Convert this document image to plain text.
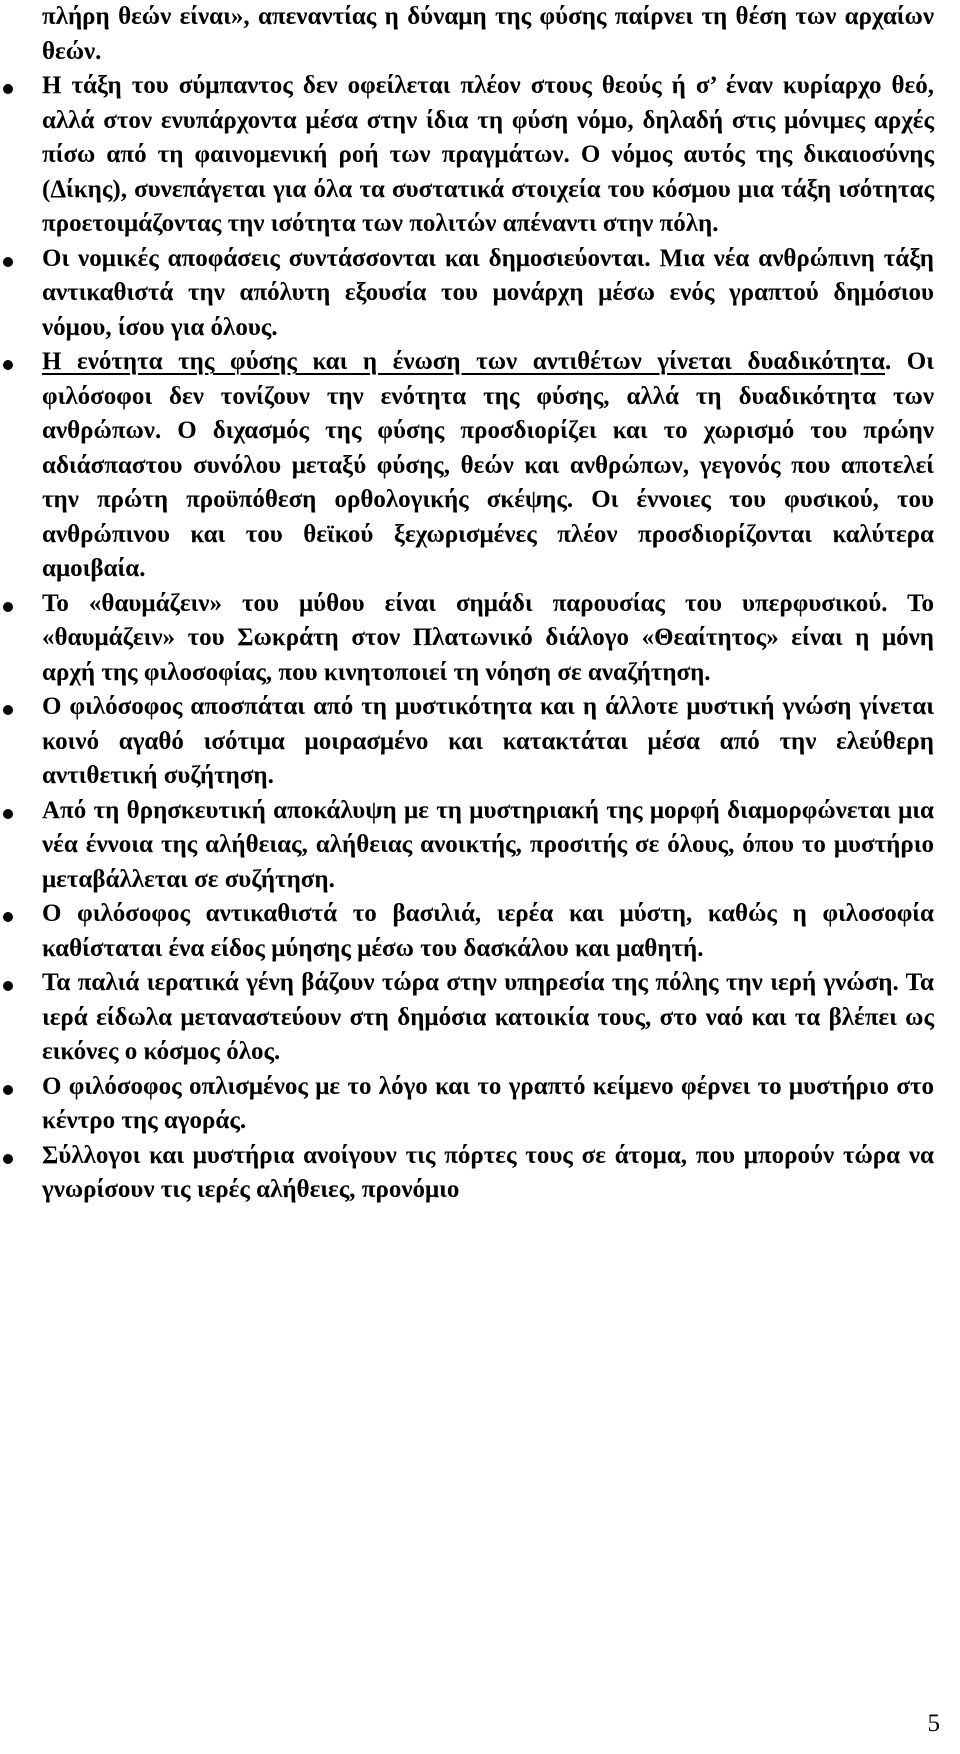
πλήρη θεών είναι», απεναντίας η δύναμη της φύσης παίρνει τη θέση των αρχαίων θεών.
Η τάξη του σύμπαντος δεν οφείλεται πλέον στους θεούς ή σ’ έναν κυρίαρχο θεό, αλλά στον ενυπάρχοντα μέσα στην ίδια τη φύση νόμο, δηλαδή στις μόνιμες αρχές πίσω από τη φαινομενική ροή των πραγμάτων. Ο νόμος αυτός της δικαιοσύνης (Δίκης), συνεπάγεται για όλα τα συστατικά στοιχεία του κόσμου μια τάξη ισότητας προετοιμάζοντας την ισότητα των πολιτών απέναντι στην πόλη.
Οι νομικές αποφάσεις συντάσσονται και δημοσιεύονται. Μια νέα ανθρώπινη τάξη αντικαθιστά την απόλυτη εξουσία του μονάρχη μέσω ενός γραπτού δημόσιου νόμου, ίσου για όλους.
Η ενότητα της φύσης και η ένωση των αντιθέτων γίνεται δυαδικότητα. Οι φιλόσοφοι δεν τονίζουν την ενότητα της φύσης, αλλά τη δυαδικότητα των ανθρώπων. Ο διχασμός της φύσης προσδιορίζει και το χωρισμό του πρώην αδιάσπαστου συνόλου μεταξύ φύσης, θεών και ανθρώπων, γεγονός που αποτελεί την πρώτη προϋπόθεση ορθολογικής σκέψης. Οι έννοιες του φυσικού, του ανθρώπινου και του θεϊκού ξεχωρισμένες πλέον προσδιορίζονται καλύτερα αμοιβαία.
Το «θαυμάζειν» του μύθου είναι σημάδι παρουσίας του υπερφυσικού. Το «θαυμάζειν» του Σωκράτη στον Πλατωνικό διάλογο «Θεαίτητος» είναι η μόνη αρχή της φιλοσοφίας, που κινητοποιεί τη νόηση σε αναζήτηση.
Ο φιλόσοφος αποσπάται από τη μυστικότητα και η άλλοτε μυστική γνώση γίνεται κοινό αγαθό ισότιμα μοιρασμένο και κατακτάται μέσα από την ελεύθερη αντιθετική συζήτηση.
Από τη θρησκευτική αποκάλυψη με τη μυστηριακή της μορφή διαμορφώνεται μια νέα έννοια της αλήθειας, αλήθειας ανοικτής, προσιτής σε όλους, όπου το μυστήριο μεταβάλλεται σε συζήτηση.
Ο φιλόσοφος αντικαθιστά το βασιλιά, ιερέα και μύστη, καθώς η φιλοσοφία καθίσταται ένα είδος μύησης μέσω του δασκάλου και μαθητή.
Τα παλιά ιερατικά γένη βάζουν τώρα στην υπηρεσία της πόλης την ιερή γνώση. Τα ιερά είδωλα μεταναστεύουν στη δημόσια κατοικία τους, στο ναό και τα βλέπει ως εικόνες ο κόσμος όλος.
Ο φιλόσοφος οπλισμένος με το λόγο και το γραπτό κείμενο φέρνει το μυστήριο στο κέντρο της αγοράς.
Σύλλογοι και μυστήρια ανοίγουν τις πόρτες τους σε άτομα, που μπορούν τώρα να γνωρίσουν τις ιερές αλήθειες, προνόμιο
5
